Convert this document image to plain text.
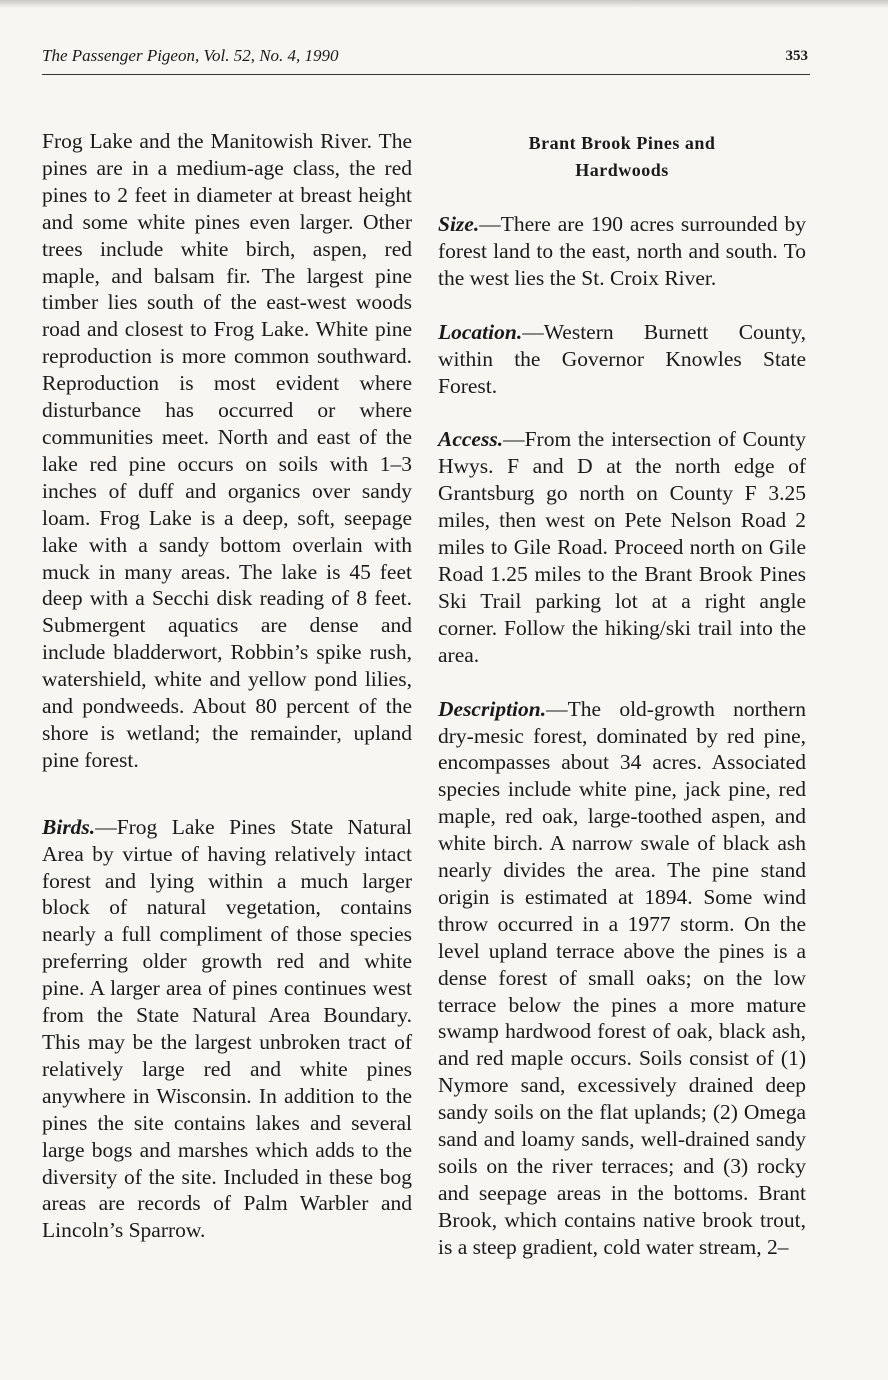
The Passenger Pigeon, Vol. 52, No. 4, 1990	353

Frog Lake and the Manitowish River. The pines are in a medium-age class, the red pines to 2 feet in diameter at breast height and some white pines even larger. Other trees include white birch, aspen, red maple, and balsam fir. The largest pine timber lies south of the east-west woods road and closest to Frog Lake. White pine reproduction is more common southward. Reproduction is most evident where disturbance has occurred or where communities meet. North and east of the lake red pine occurs on soils with 1–3 inches of duff and organics over sandy loam. Frog Lake is a deep, soft, seepage lake with a sandy bottom overlain with muck in many areas. The lake is 45 feet deep with a Secchi disk reading of 8 feet. Submergent aquatics are dense and include bladderwort, Robbin’s spike rush, watershield, white and yellow pond lilies, and pondweeds. About 80 percent of the shore is wetland; the remainder, upland pine forest.

Birds.—Frog Lake Pines State Natural Area by virtue of having relatively intact forest and lying within a much larger block of natural vegetation, contains nearly a full compliment of those species preferring older growth red and white pine. A larger area of pines continues west from the State Natural Area Boundary. This may be the largest unbroken tract of relatively large red and white pines anywhere in Wisconsin. In addition to the pines the site contains lakes and several large bogs and marshes which adds to the diversity of the site. Included in these bog areas are records of Palm Warbler and Lincoln’s Sparrow.

Brant Brook Pines and
Hardwoods

Size.—There are 190 acres surrounded by forest land to the east, north and south. To the west lies the St. Croix River.

Location.—Western Burnett County, within the Governor Knowles State Forest.

Access.—From the intersection of County Hwys. F and D at the north edge of Grantsburg go north on County F 3.25 miles, then west on Pete Nelson Road 2 miles to Gile Road. Proceed north on Gile Road 1.25 miles to the Brant Brook Pines Ski Trail parking lot at a right angle corner. Follow the hiking/ski trail into the area.

Description.—The old-growth northern dry-mesic forest, dominated by red pine, encompasses about 34 acres. Associated species include white pine, jack pine, red maple, red oak, large-toothed aspen, and white birch. A narrow swale of black ash nearly divides the area. The pine stand origin is estimated at 1894. Some wind throw occurred in a 1977 storm. On the level upland terrace above the pines is a dense forest of small oaks; on the low terrace below the pines a more mature swamp hardwood forest of oak, black ash, and red maple occurs. Soils consist of (1) Nymore sand, excessively drained deep sandy soils on the flat uplands; (2) Omega sand and loamy sands, well-drained sandy soils on the river terraces; and (3) rocky and seepage areas in the bottoms. Brant Brook, which contains native brook trout, is a steep gradient, cold water stream, 2–
